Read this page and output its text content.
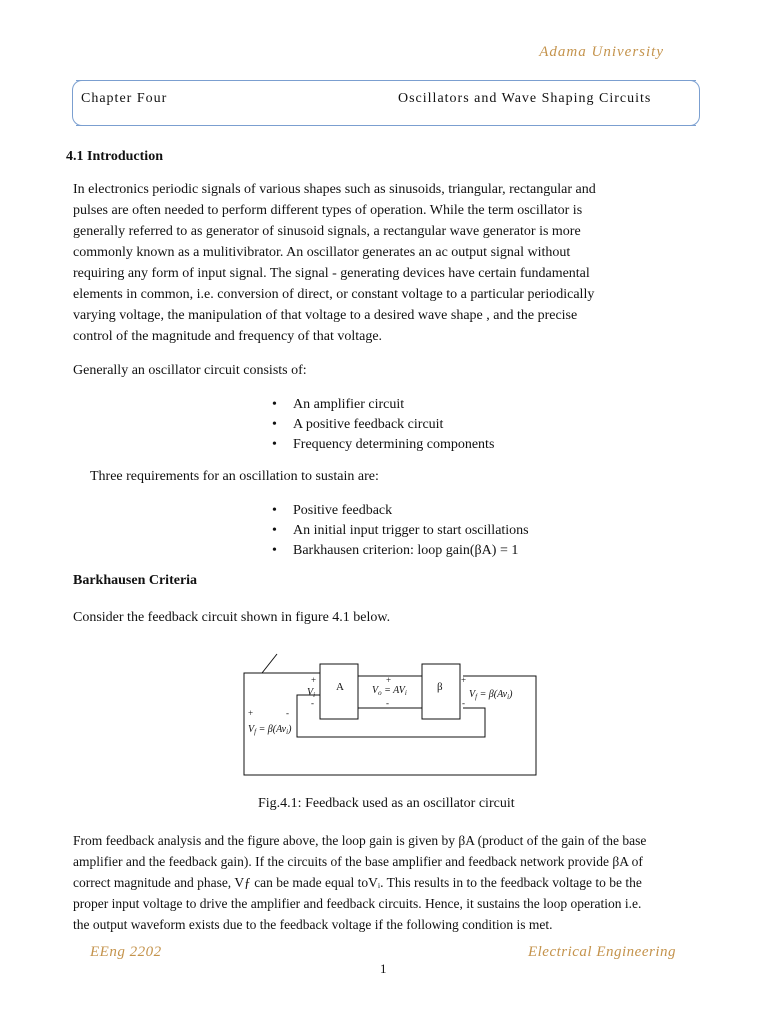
Adama University
Chapter Four	Oscillators and Wave Shaping Circuits
4.1 Introduction
In electronics periodic signals of various shapes such as sinusoids, triangular, rectangular and
pulses are often needed to perform different types of operation. While the term oscillator is
generally referred to as generator of sinusoid signals, a rectangular wave generator is more
commonly known as a mulitivibrator. An oscillator generates an ac output signal without
requiring any form of input signal. The signal - generating devices have certain fundamental
elements in common, i.e. conversion of direct, or constant voltage to a particular periodically
varying voltage, the manipulation of that voltage to a desired wave shape , and the precise
control of the magnitude and frequency of that voltage.
Generally an oscillator circuit consists of:
• An amplifier circuit
• A positive feedback circuit
• Frequency determining components
Three requirements for an oscillation to sustain are:
• Positive feedback
• An initial input trigger to start oscillations
• Barkhausen criterion: loop gain(βA) = 1
Barkhausen Criteria
Consider the feedback circuit shown in figure 4.1 below.
A	β
+
-
$V_i$
+
-
$V_o = AV_i$
+
-
$V_f = \beta(Av_i)$
+	-
$V_f = \beta(Av_i)$
Fig.4.1: Feedback used as an oscillator circuit
From feedback analysis and the figure above, the loop gain is given by βA (product of the gain of the base
amplifier and the feedback gain). If the circuits of the base amplifier and feedback network provide βA of
correct magnitude and phase, Vƒ can be made equal toVᵢ. This results in to the feedback voltage to be the
proper input voltage to drive the amplifier and feedback circuits. Hence, it sustains the loop operation i.e.
the output waveform exists due to the feedback voltage if the following condition is met.
EEng 2202	Electrical Engineering
1
